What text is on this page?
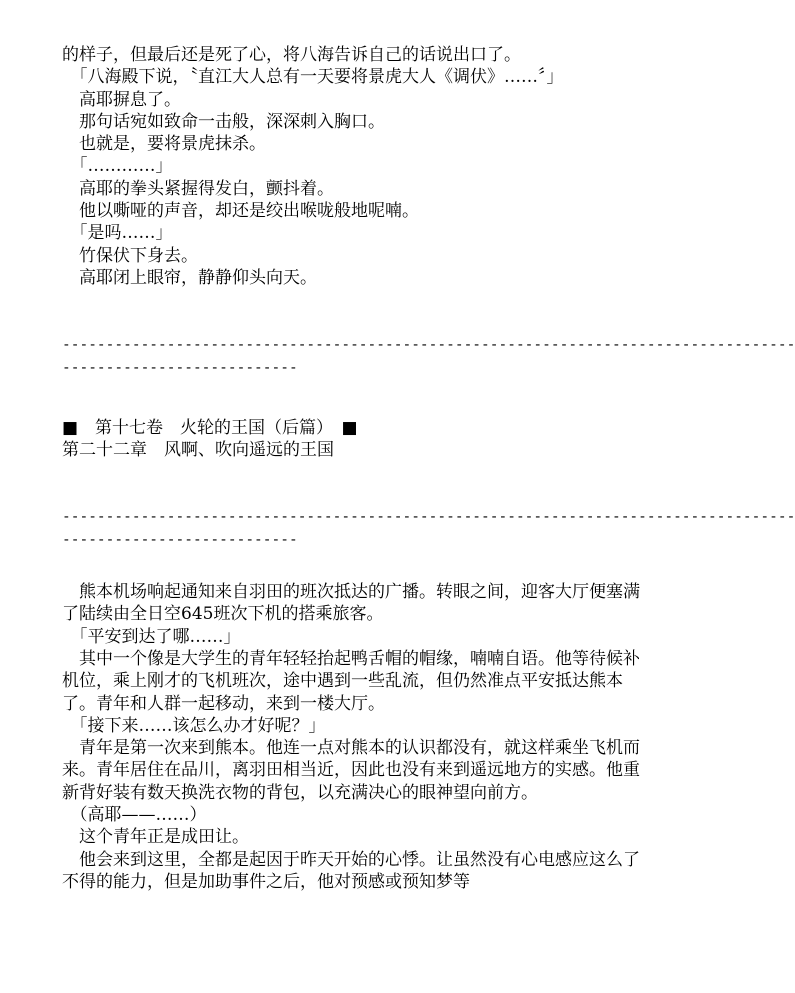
的样子，但最后还是死了心，将八海告诉自己的话说出口了。

　「八海殿下说，〝直江大人总有一天要将景虎大人《调伏》……〞」

　高耶摒息了。

　那句话宛如致命一击般，深深刺入胸口。

　也就是，要将景虎抹杀。

　「…………」

　高耶的拳头紧握得发白，颤抖着。

　他以嘶哑的声音，却还是绞出喉咙般地呢喃。

　「是吗……」

　竹保伏下身去。

　高耶闭上眼帘，静静仰头向天。

------------------------------------------------------------------------------------
---------------------------

■　第十七卷　火轮的王国（后篇）　■

第二十二章　风啊、吹向遥远的王国

------------------------------------------------------------------------------------
---------------------------

　熊本机场响起通知来自羽田的班次抵达的广播。转眼之间，迎客大厅便塞满了陆续由全日空645班次下机的搭乘旅客。

　「平安到达了哪……」

　其中一个像是大学生的青年轻轻抬起鸭舌帽的帽缘，喃喃自语。他等待候补机位，乘上刚才的飞机班次，途中遇到一些乱流，但仍然准点平安抵达熊本了。青年和人群一起移动，来到一楼大厅。

　「接下来……该怎么办才好呢？」

　青年是第一次来到熊本。他连一点对熊本的认识都没有，就这样乘坐飞机而来。青年居住在品川，离羽田相当近，因此也没有来到遥远地方的实感。他重新背好装有数天换洗衣物的背包，以充满决心的眼神望向前方。

　（高耶——……）

　这个青年正是成田让。

　他会来到这里，全都是起因于昨天开始的心悸。让虽然没有心电感应这么了不得的能力，但是加助事件之后，他对预感或预知梦等
